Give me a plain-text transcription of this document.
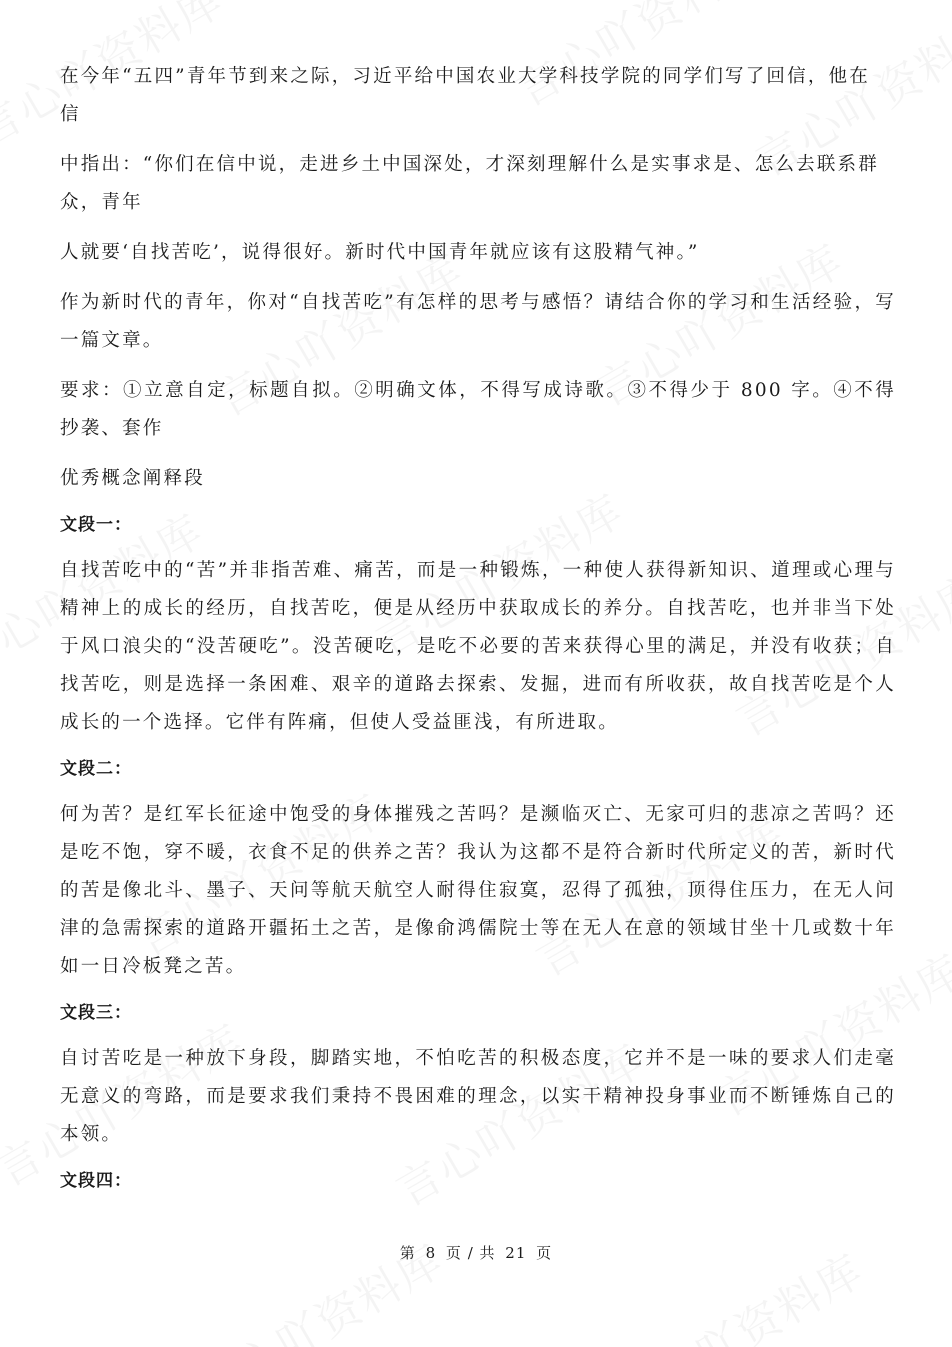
在今年“五四”青年节到来之际，习近平给中国农业大学科技学院的同学们写了回信，他在

信

中指出：“你们在信中说，走进乡土中国深处，才深刻理解什么是实事求是、怎么去联系群

众，青年

人就要‘自找苦吃’，说得很好。新时代中国青年就应该有这股精气神。”

作为新时代的青年，你对“自找苦吃”有怎样的思考与感悟？请结合你的学习和生活经验，写一篇文章。

要求：①立意自定，标题自拟。②明确文体，不得写成诗歌。③不得少于 800 字。④不得抄袭、套作

优秀概念阐释段

文段一：

自找苦吃中的“苦”并非指苦难、痛苦，而是一种锻炼，一种使人获得新知识、道理或心理与精神上的成长的经历，自找苦吃，便是从经历中获取成长的养分。自找苦吃，也并非当下处于风口浪尖的“没苦硬吃”。没苦硬吃，是吃不必要的苦来获得心里的满足，并没有收获；自找苦吃，则是选择一条困难、艰辛的道路去探索、发掘，进而有所收获，故自找苦吃是个人成长的一个选择。它伴有阵痛，但使人受益匪浅，有所进取。

文段二：

何为苦？是红军长征途中饱受的身体摧残之苦吗？是濒临灭亡、无家可归的悲凉之苦吗？还是吃不饱，穿不暖，衣食不足的供养之苦？我认为这都不是符合新时代所定义的苦，新时代的苦是像北斗、墨子、天问等航天航空人耐得住寂寞，忍得了孤独，顶得住压力，在无人问津的急需探索的道路开疆拓土之苦，是像俞鸿儒院士等在无人在意的领域甘坐十几或数十年如一日冷板凳之苦。

文段三：

自讨苦吃是一种放下身段，脚踏实地，不怕吃苦的积极态度，它并不是一味的要求人们走毫无意义的弯路，而是要求我们秉持不畏困难的理念，以实干精神投身事业而不断锤炼自己的本领。

文段四：

第 8 页 / 共 21 页
